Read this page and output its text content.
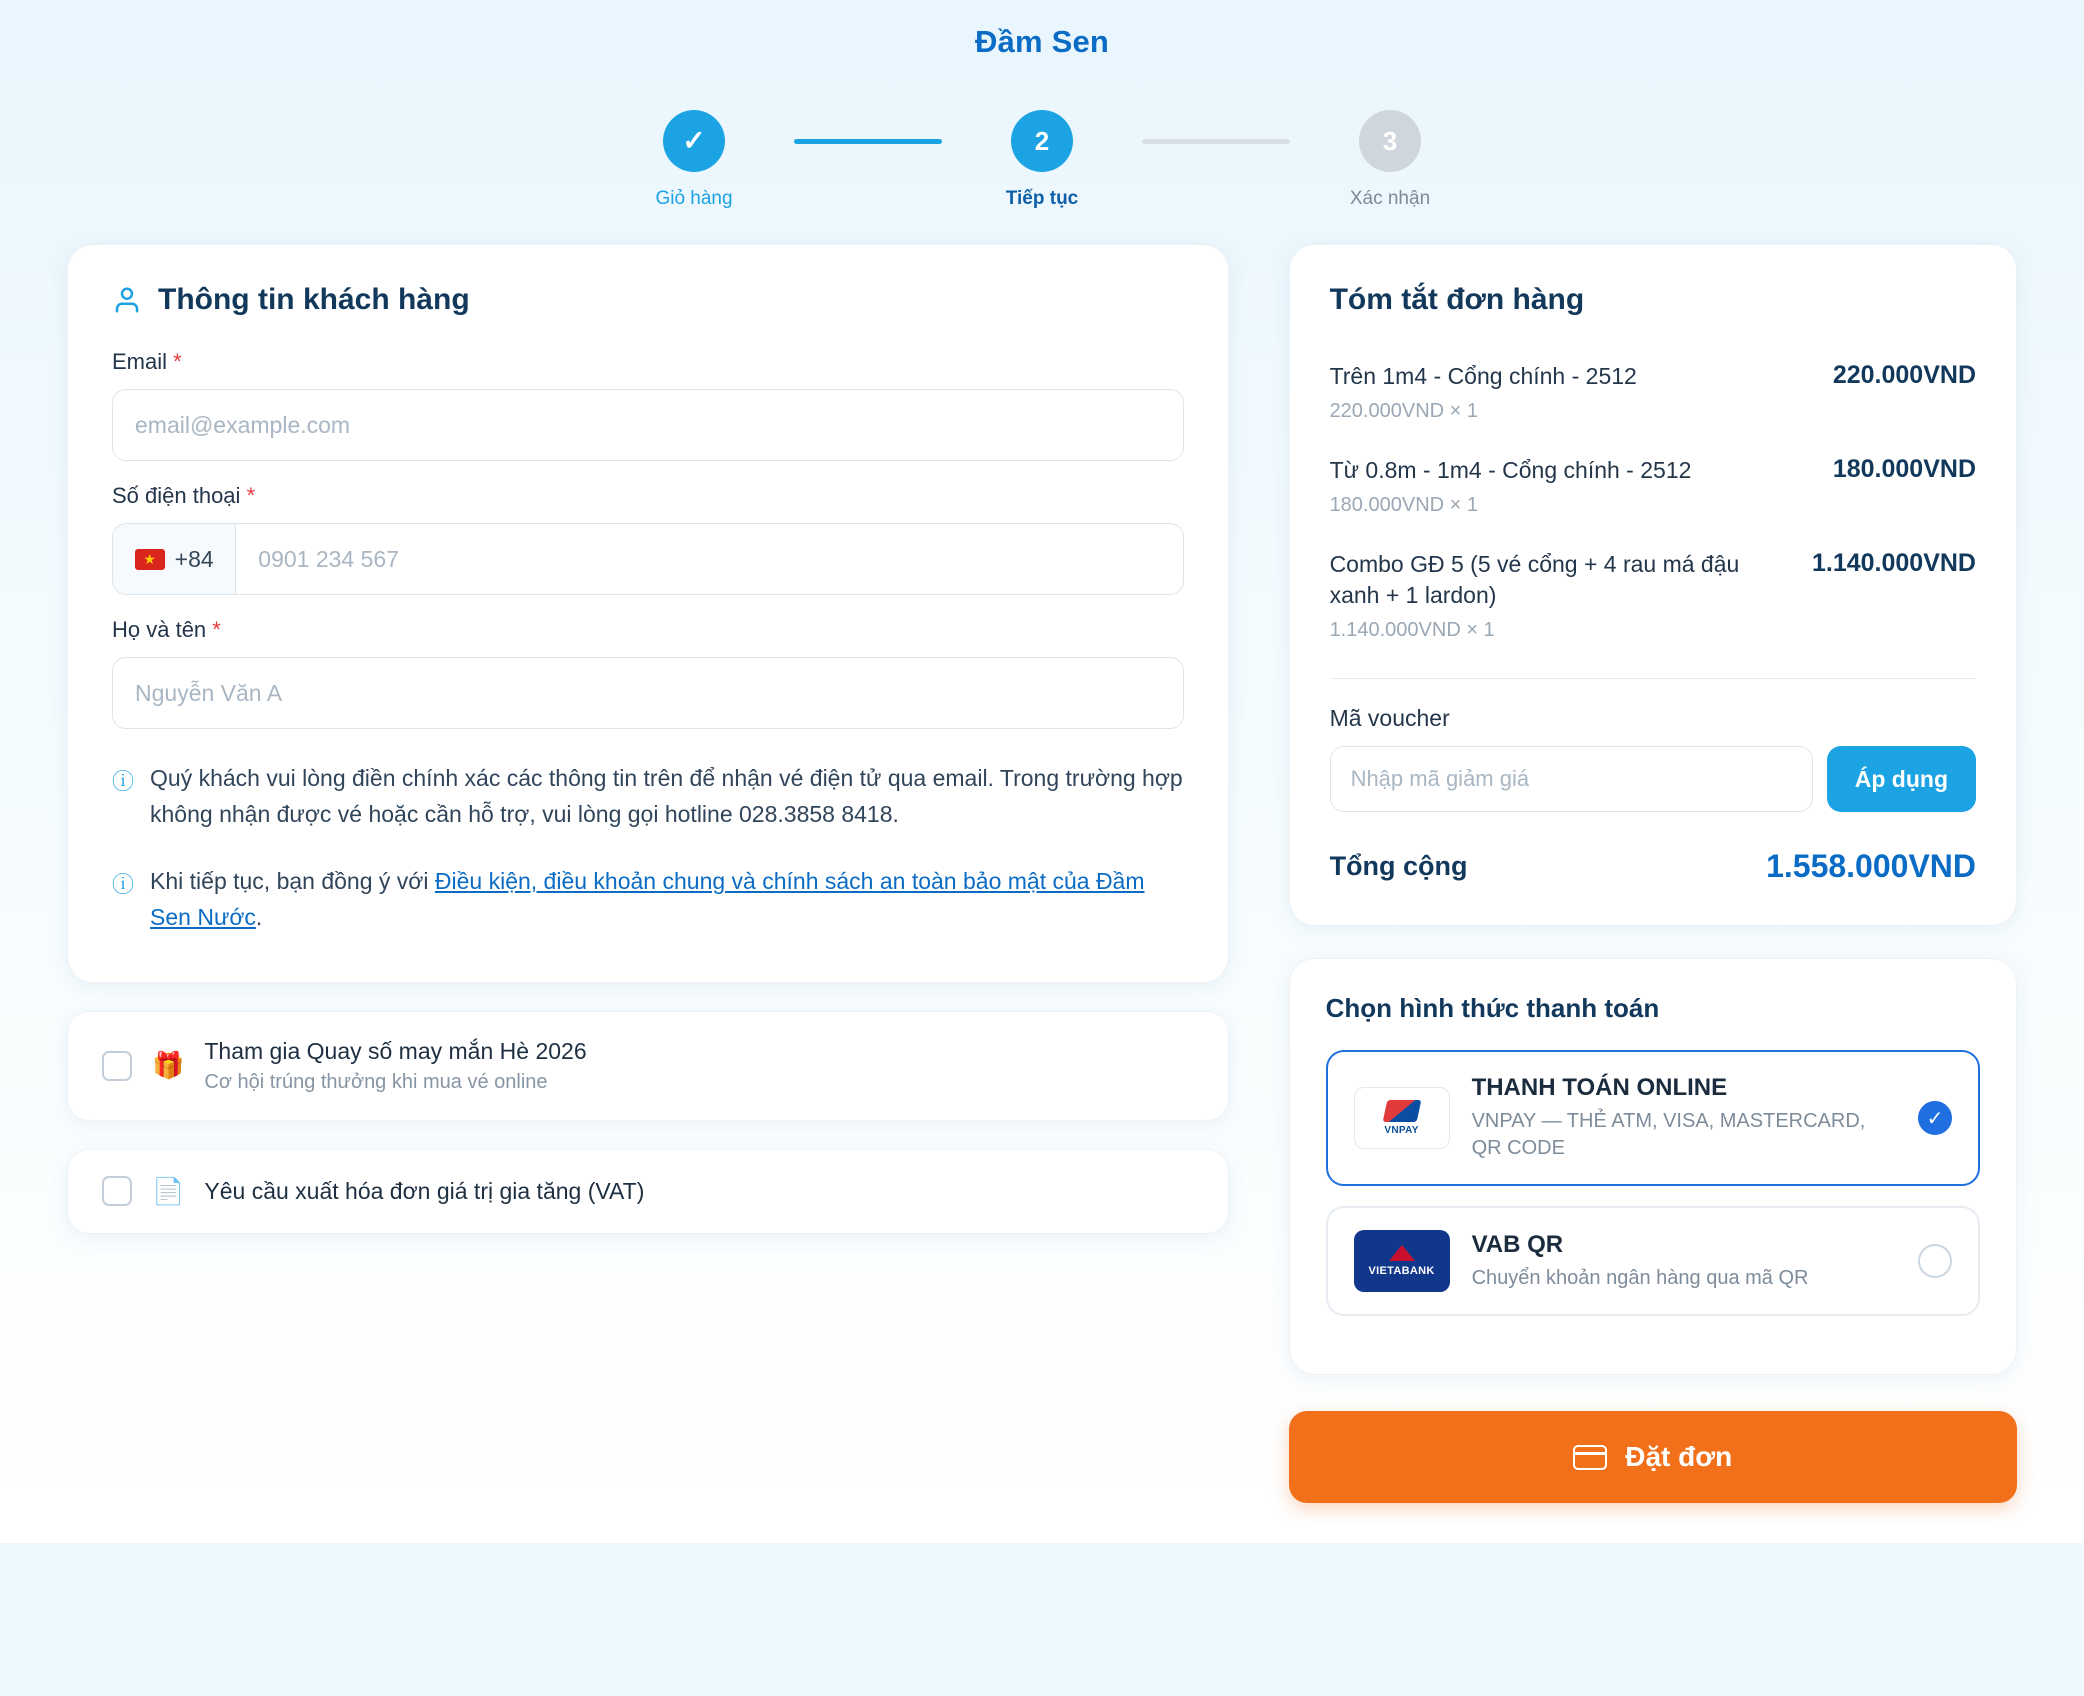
Đầm Sen
✓
Giỏ hàng
2
Tiếp tục
3
Xác nhận
Thông tin khách hàng
Email *
email@example.com
Số điện thoại *
★ +84
0901 234 567
Họ và tên *
Nguyễn Văn A
ⓘ Quý khách vui lòng điền chính xác các thông tin trên để nhận vé điện tử qua email. Trong trường hợp không nhận được vé hoặc cần hỗ trợ, vui lòng gọi hotline 028.3858 8418.

ⓘ Khi tiếp tục, bạn đồng ý với Điều kiện, điều khoản chung và chính sách an toàn bảo mật của Đầm Sen Nước.

🎁 Tham gia Quay số may mắn Hè 2026
Cơ hội trúng thưởng khi mua vé online
📄 Yêu cầu xuất hóa đơn giá trị gia tăng (VAT)
Tóm tắt đơn hàng
Trên 1m4 - Cổng chính - 2512
220.000VND × 1
220.000VND
Từ 0.8m - 1m4 - Cổng chính - 2512
180.000VND × 1
180.000VND
Combo GĐ 5 (5 vé cổng + 4 rau má đậu xanh + 1 lardon)
1.140.000VND × 1
1.140.000VND
Mã voucher
Nhập mã giảm giá
Áp dụng
Tổng cộng	1.558.000VND
Chọn hình thức thanh toán
VNPAY
THANH TOÁN ONLINE
VNPAY — THẺ ATM, VISA, MASTERCARD, QR CODE
✓
VIETABANK
VAB QR
Chuyển khoản ngân hàng qua mã QR
Đặt đơn
